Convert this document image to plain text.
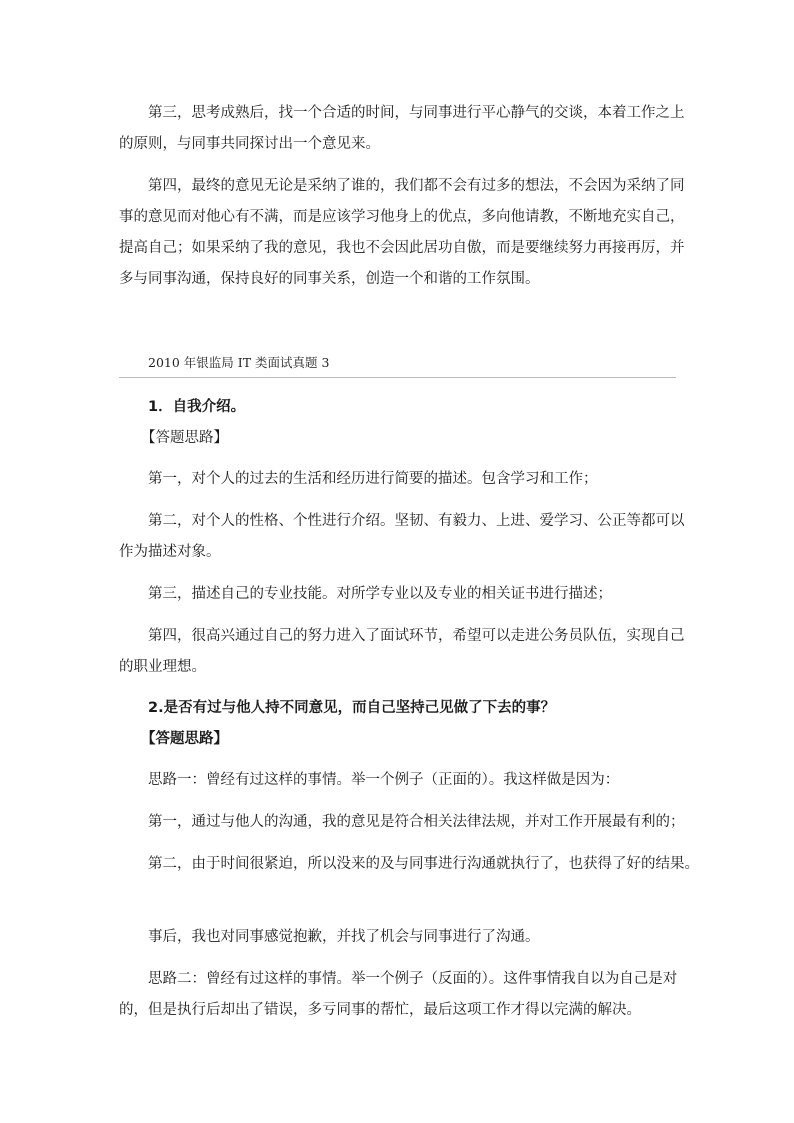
第三，思考成熟后，找一个合适的时间，与同事进行平心静气的交谈，本着工作之上
的原则，与同事共同探讨出一个意见来。
第四，最终的意见无论是采纳了谁的，我们都不会有过多的想法，不会因为采纳了同
事的意见而对他心有不满，而是应该学习他身上的优点，多向他请教，不断地充实自己，
提高自己；如果采纳了我的意见，我也不会因此居功自傲，而是要继续努力再接再厉，并
多与同事沟通，保持良好的同事关系，创造一个和谐的工作氛围。
2010 年银监局 IT 类面试真题 3
1．自我介绍。
【答题思路】
第一，对个人的过去的生活和经历进行简要的描述。包含学习和工作；
第二，对个人的性格、个性进行介绍。坚韧、有毅力、上进、爱学习、公正等都可以
作为描述对象。
第三，描述自己的专业技能。对所学专业以及专业的相关证书进行描述；
第四，很高兴通过自己的努力进入了面试环节，希望可以走进公务员队伍，实现自己
的职业理想。
2.是否有过与他人持不同意见，而自己坚持己见做了下去的事？
【答题思路】
思路一：曾经有过这样的事情。举一个例子（正面的）。我这样做是因为：
第一，通过与他人的沟通，我的意见是符合相关法律法规，并对工作开展最有利的；
第二，由于时间很紧迫，所以没来的及与同事进行沟通就执行了，也获得了好的结果。
事后，我也对同事感觉抱歉，并找了机会与同事进行了沟通。
思路二：曾经有过这样的事情。举一个例子（反面的）。这件事情我自以为自己是对
的，但是执行后却出了错误，多亏同事的帮忙，最后这项工作才得以完满的解决。
